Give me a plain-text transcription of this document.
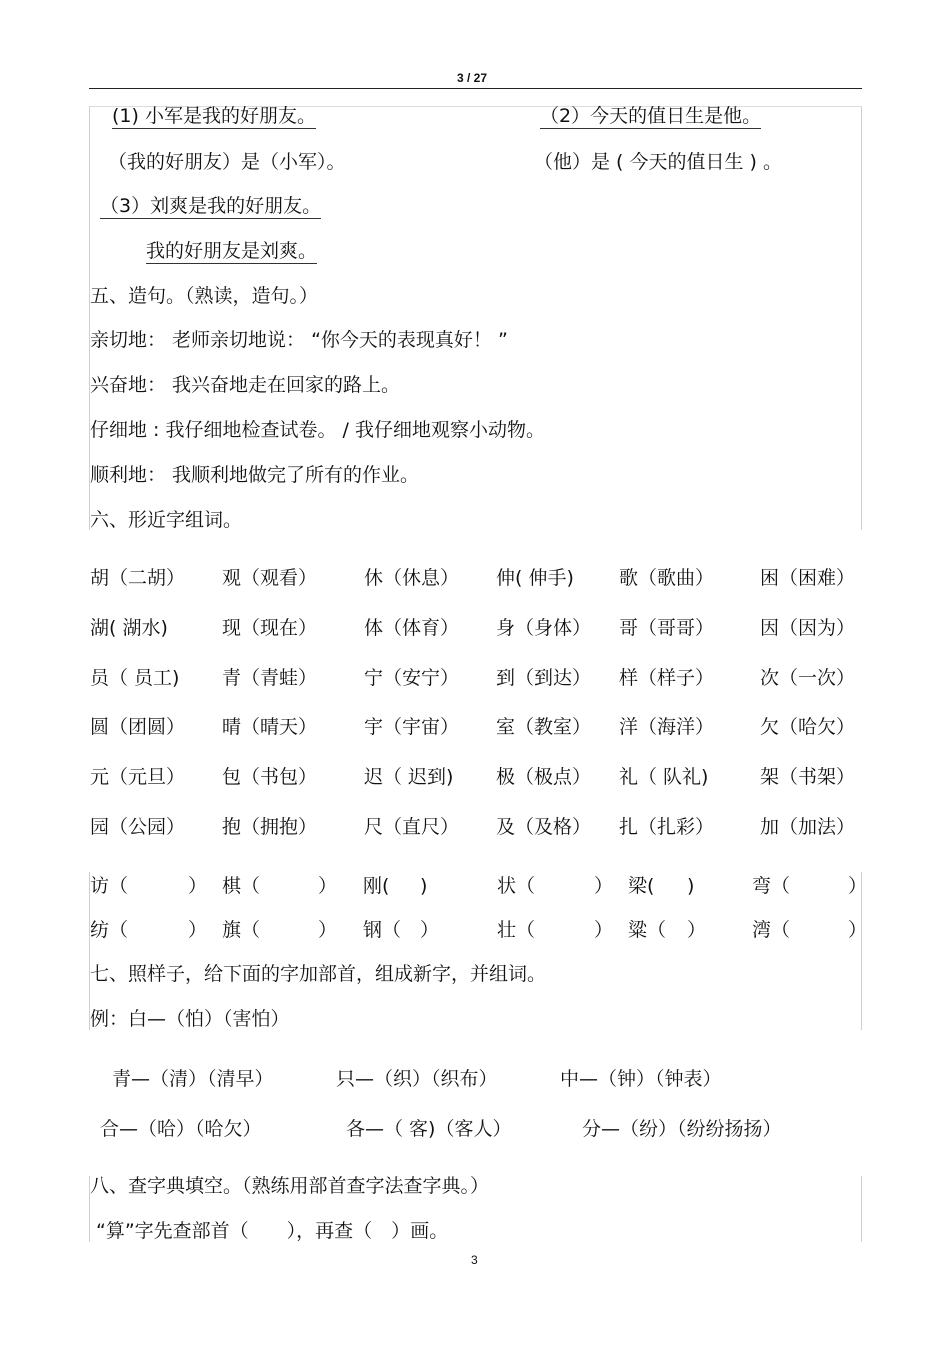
3 / 27
(1) 小军是我的好朋友。	（2）今天的值日生是他。
（我的好朋友）是（小军）。	（他）是 ( 今天的值日生 ) 。
（3）刘爽是我的好朋友。
我的好朋友是刘爽。
五、造句。（熟读，造句。）
亲切地： 老师亲切地说： “你今天的表现真好！ ”
兴奋地： 我兴奋地走在回家的路上。
仔细地 : 我仔细地检查试卷。 / 我仔细地观察小动物。
顺利地： 我顺利地做完了所有的作业。
六、形近字组词。
胡（二胡） 观（观看） 休（休息） 伸( 伸手) 歌（歌曲） 困（困难）
湖( 湖水)	现（现在） 体（体育） 身（身体） 哥（哥哥） 因（因为）
员（ 员工) 青（青蛙） 宁（安宁） 到（到达） 样（样子） 次（一次）
圆（团圆） 晴（晴天） 宇（宇宙） 室（教室） 洋（海洋） 欠（哈欠）
元（元旦） 包（书包） 迟（ 迟到) 极（极点） 礼（ 队礼)	架（书架）
园（公园） 抱（拥抱） 尺（直尺） 及（及格） 扎（扎彩） 加（加法）
访（	） 棋（	） 刚( )	状（	） 梁( )	弯（	）
纺（	） 旗（	） 钢（ ）	壮（	） 粱（ ） 湾（	）
七、照样子，给下面的字加部首，组成新字，并组词。
例：白—（怕）（害怕）
青—（清）（清早）	只—（织）（织布）	中—（钟）（钟表）
合—（哈）（哈欠）	各—（ 客)（客人）	分—（纷）（纷纷扬扬）
八、查字典填空。（熟练用部首查字法查字典。）
“算”字先查部首（　　），再查（　）画。
3
